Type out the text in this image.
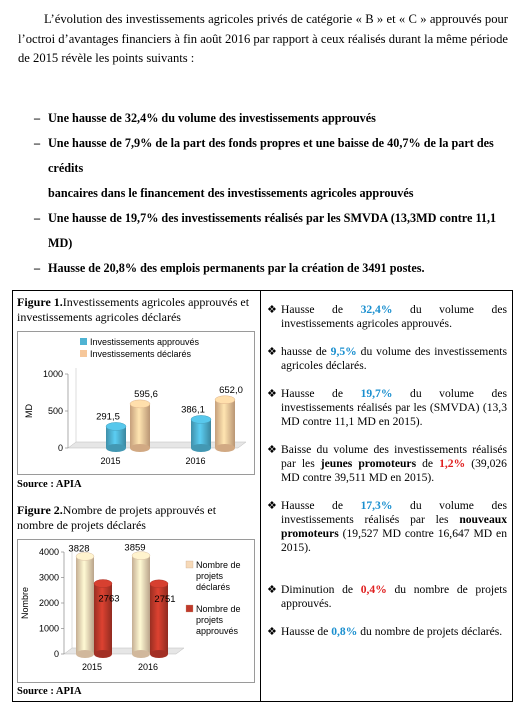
L’évolution des investissements agricoles privés de catégorie « B » et « C » approuvés pour l’octroi d’avantages financiers à fin août 2016 par rapport à ceux réalisés durant la même période de 2015 révèle les points suivants :

– Une hausse de 32,4% du volume des investissements approuvés
– Une hausse de 7,9% de la part des fonds propres et une baisse de 40,7% de la part des crédits
bancaires dans le financement des investissements agricoles approuvés
– Une hausse de 19,7% des investissements réalisés par les SMVDA (13,3MD contre 11,1 MD)
– Hausse de 20,8% des emplois permanents par la création de 3491 postes.
Figure 1.Investissements agricoles approuvés et investissements agricoles déclarés
Investissements approuvés
Investissements déclarés
0
500
1000
MD	291,5
595,6
2015
386,1
652,0
2016
Source : APIA
Figure 2.Nombre de projets approuvés et nombre de projets déclarés
0
1000
2000
3000
4000
Nombre
3828
2763
2015
3859
2751
2016
Nombre de
projets
déclarés
Nombre de
projets
approuvés
Source : APIA
❖ Hausse de 32,4% du volume des investissements agricoles approuvés.
❖ hausse de 9,5% du volume des investissements agricoles déclarés.
❖ Hausse de 19,7% du volume des investissements réalisés par les (SMVDA) (13,3 MD contre 11,1 MD en 2015).
❖ Baisse du volume des investissements réalisés par les jeunes promoteurs de 1,2% (39,026 MD contre 39,511 MD en 2015).
❖ Hausse de 17,3% du volume des investissements réalisés par les nouveaux promoteurs (19,527 MD contre 16,647 MD en 2015).
❖ Diminution de 0,4% du nombre de projets approuvés.
❖ Hausse de 0,8% du nombre de projets déclarés.
